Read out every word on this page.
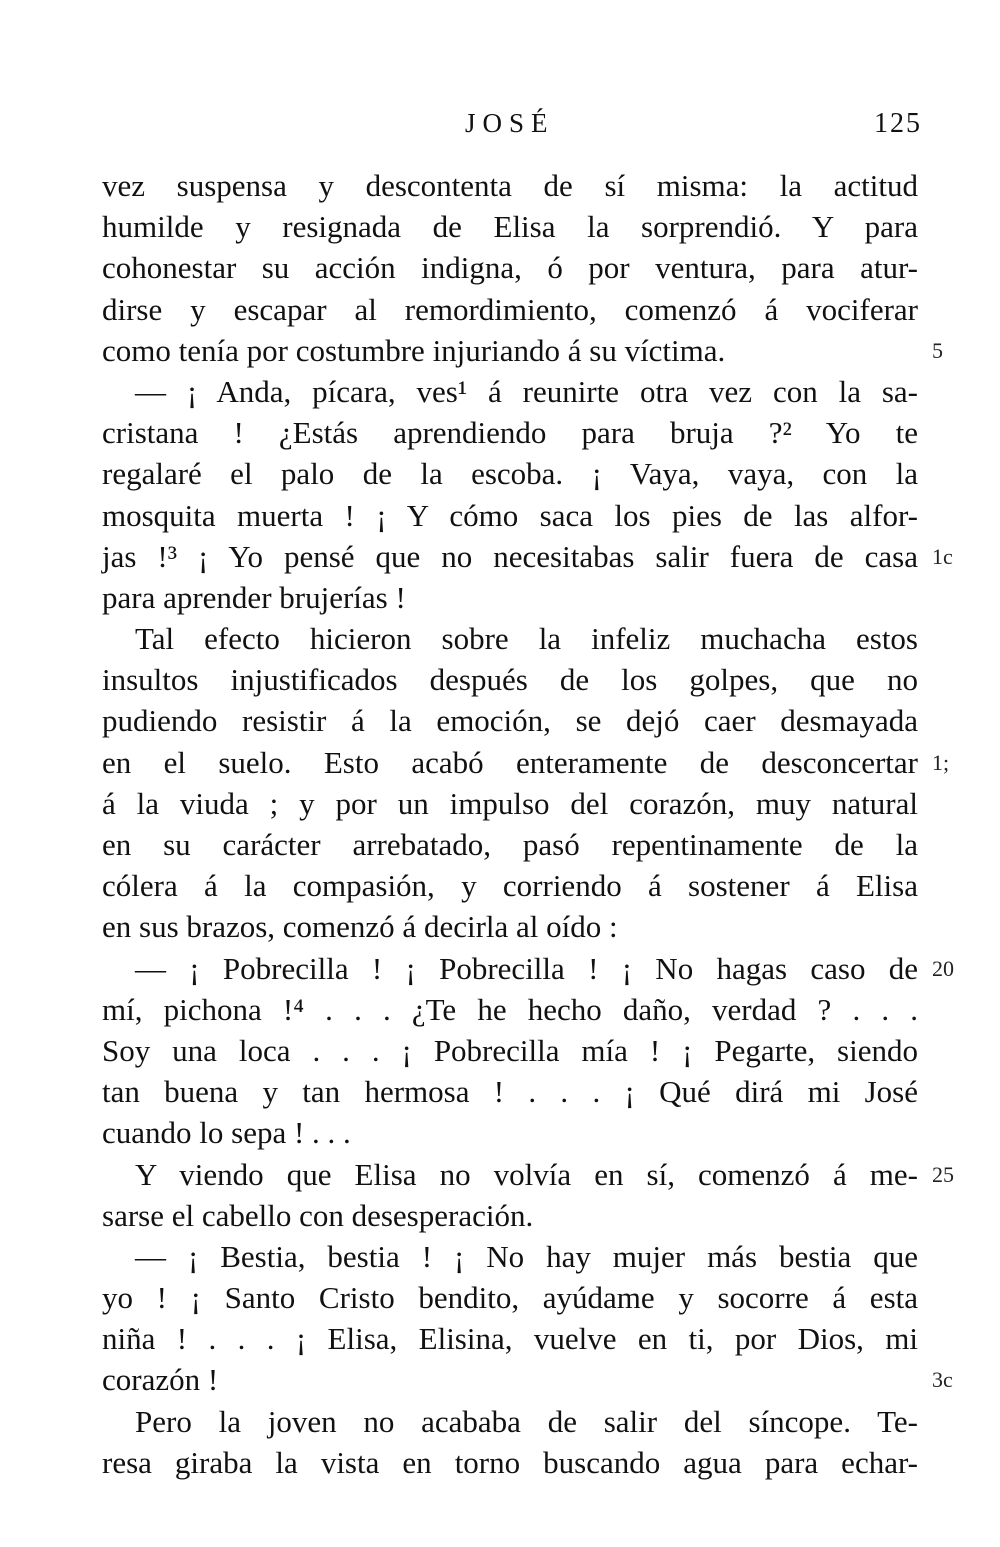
JOSÉ	125
vez suspensa y descontenta de sí misma: la actitud
humilde y resignada de Elisa la sorprendió. Y para
cohonestar su acción indigna, ó por ventura, para atur-
dirse y escapar al remordimiento, comenzó á vociferar
como tenía por costumbre injuriando á su víctima.	5
— ¡ Anda, pícara, ves¹ á reunirte otra vez con la sa-
cristana ! ¿Estás aprendiendo para bruja ?² Yo te
regalaré el palo de la escoba. ¡ Vaya, vaya, con la
mosquita muerta ! ¡ Y cómo saca los pies de las alfor-
jas !³ ¡ Yo pensé que no necesitabas salir fuera de casa 1c
para aprender brujerías !
Tal efecto hicieron sobre la infeliz muchacha estos
insultos injustificados después de los golpes, que no
pudiendo resistir á la emoción, se dejó caer desmayada
en el suelo. Esto acabó enteramente de desconcertar 1;
á la viuda ; y por un impulso del corazón, muy natural
en su carácter arrebatado, pasó repentinamente de la
cólera á la compasión, y corriendo á sostener á Elisa
en sus brazos, comenzó á decirla al oído :
— ¡ Pobrecilla ! ¡ Pobrecilla ! ¡ No hagas caso de 20
mí, pichona !⁴ . . . ¿Te he hecho daño, verdad ? . . .
Soy una loca . . . ¡ Pobrecilla mía ! ¡ Pegarte, siendo
tan buena y tan hermosa ! . . . ¡ Qué dirá mi José
cuando lo sepa ! . . .
Y viendo que Elisa no volvía en sí, comenzó á me- 25
sarse el cabello con desesperación.
— ¡ Bestia, bestia ! ¡ No hay mujer más bestia que
yo ! ¡ Santo Cristo bendito, ayúdame y socorre á esta
niña ! . . . ¡ Elisa, Elisina, vuelve en ti, por Dios, mi
corazón !	3c
Pero la joven no acababa de salir del síncope. Te-
resa giraba la vista en torno buscando agua para echar-
